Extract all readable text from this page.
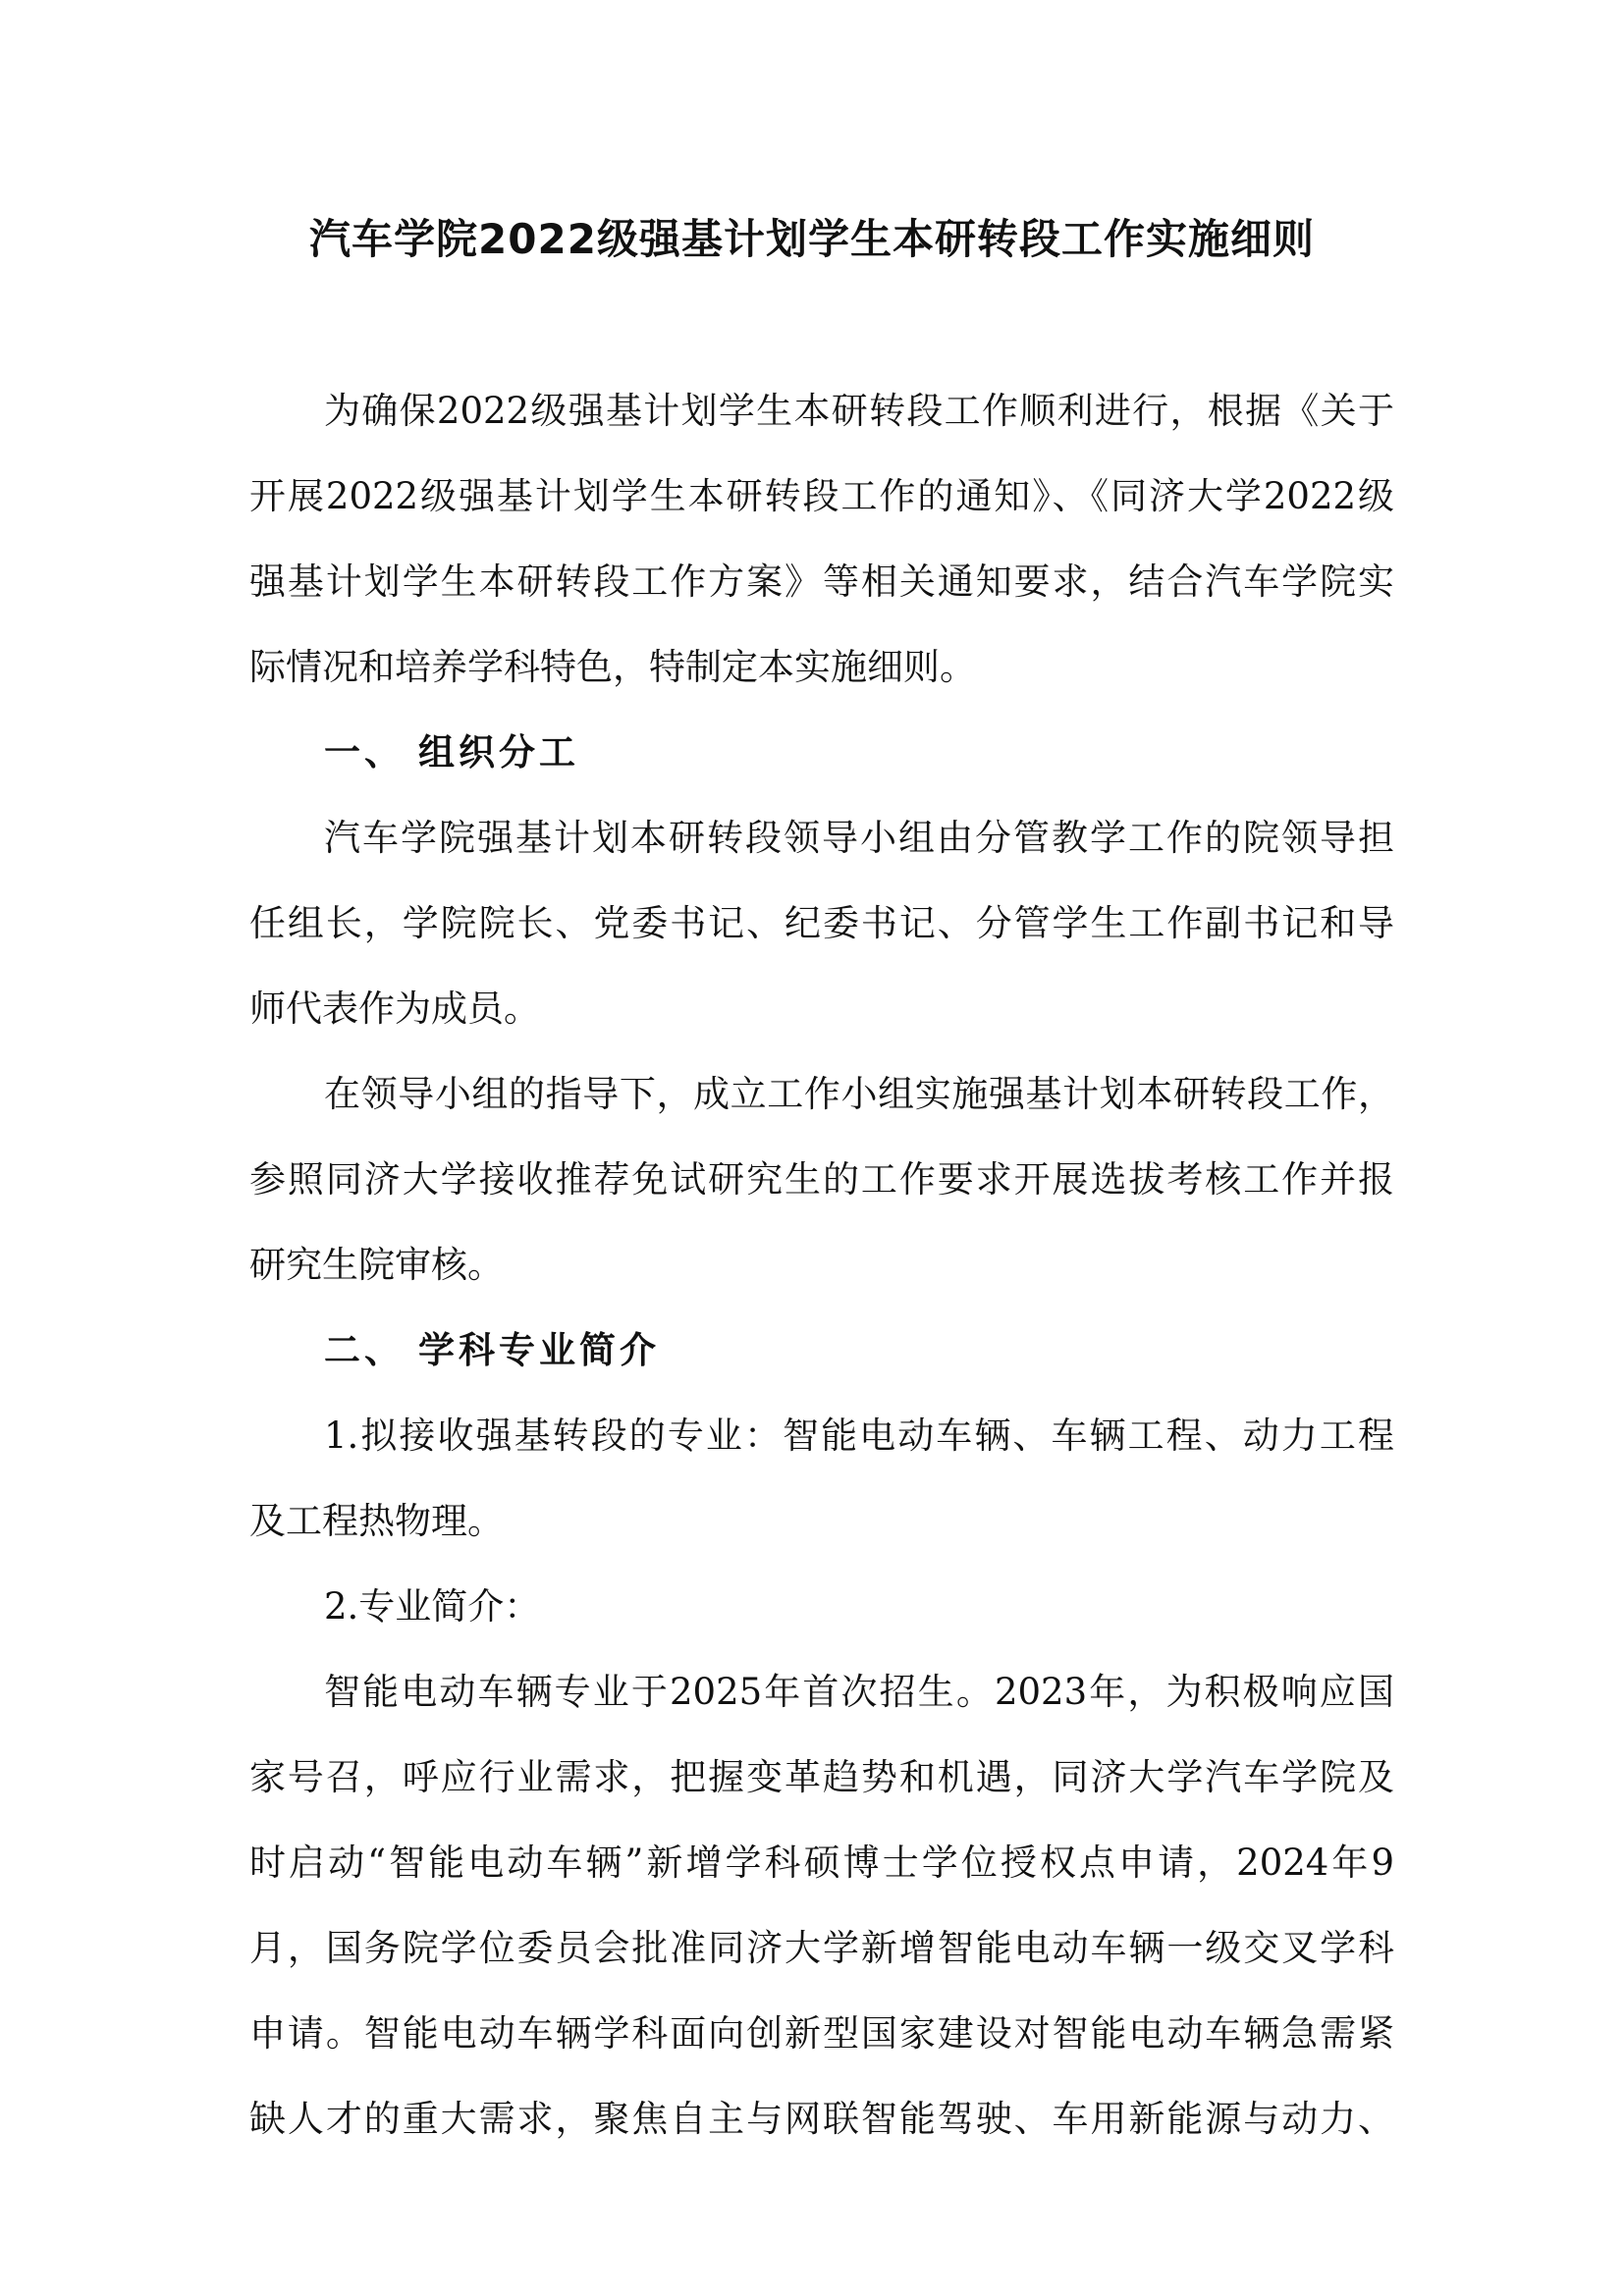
汽车学院2022级强基计划学生本研转段工作实施细则
为确保2022级强基计划学生本研转段工作顺利进行，根据《关于
开展2022级强基计划学生本研转段工作的通知》、《同济大学2022级
强基计划学生本研转段工作方案》等相关通知要求，结合汽车学院实
际情况和培养学科特色，特制定本实施细则。
一、 组织分工
汽车学院强基计划本研转段领导小组由分管教学工作的院领导担
任组长，学院院长、党委书记、纪委书记、分管学生工作副书记和导
师代表作为成员。
在领导小组的指导下，成立工作小组实施强基计划本研转段工作，
参照同济大学接收推荐免试研究生的工作要求开展选拔考核工作并报
研究生院审核。
二、 学科专业简介
1.拟接收强基转段的专业：智能电动车辆、车辆工程、动力工程
及工程热物理。
2.专业简介：
智能电动车辆专业于2025年首次招生。2023年，为积极响应国
家号召，呼应行业需求，把握变革趋势和机遇，同济大学汽车学院及
时启动“智能电动车辆”新增学科硕博士学位授权点申请，2024年9
月，国务院学位委员会批准同济大学新增智能电动车辆一级交叉学科
申请。智能电动车辆学科面向创新型国家建设对智能电动车辆急需紧
缺人才的重大需求，聚焦自主与网联智能驾驶、车用新能源与动力、
